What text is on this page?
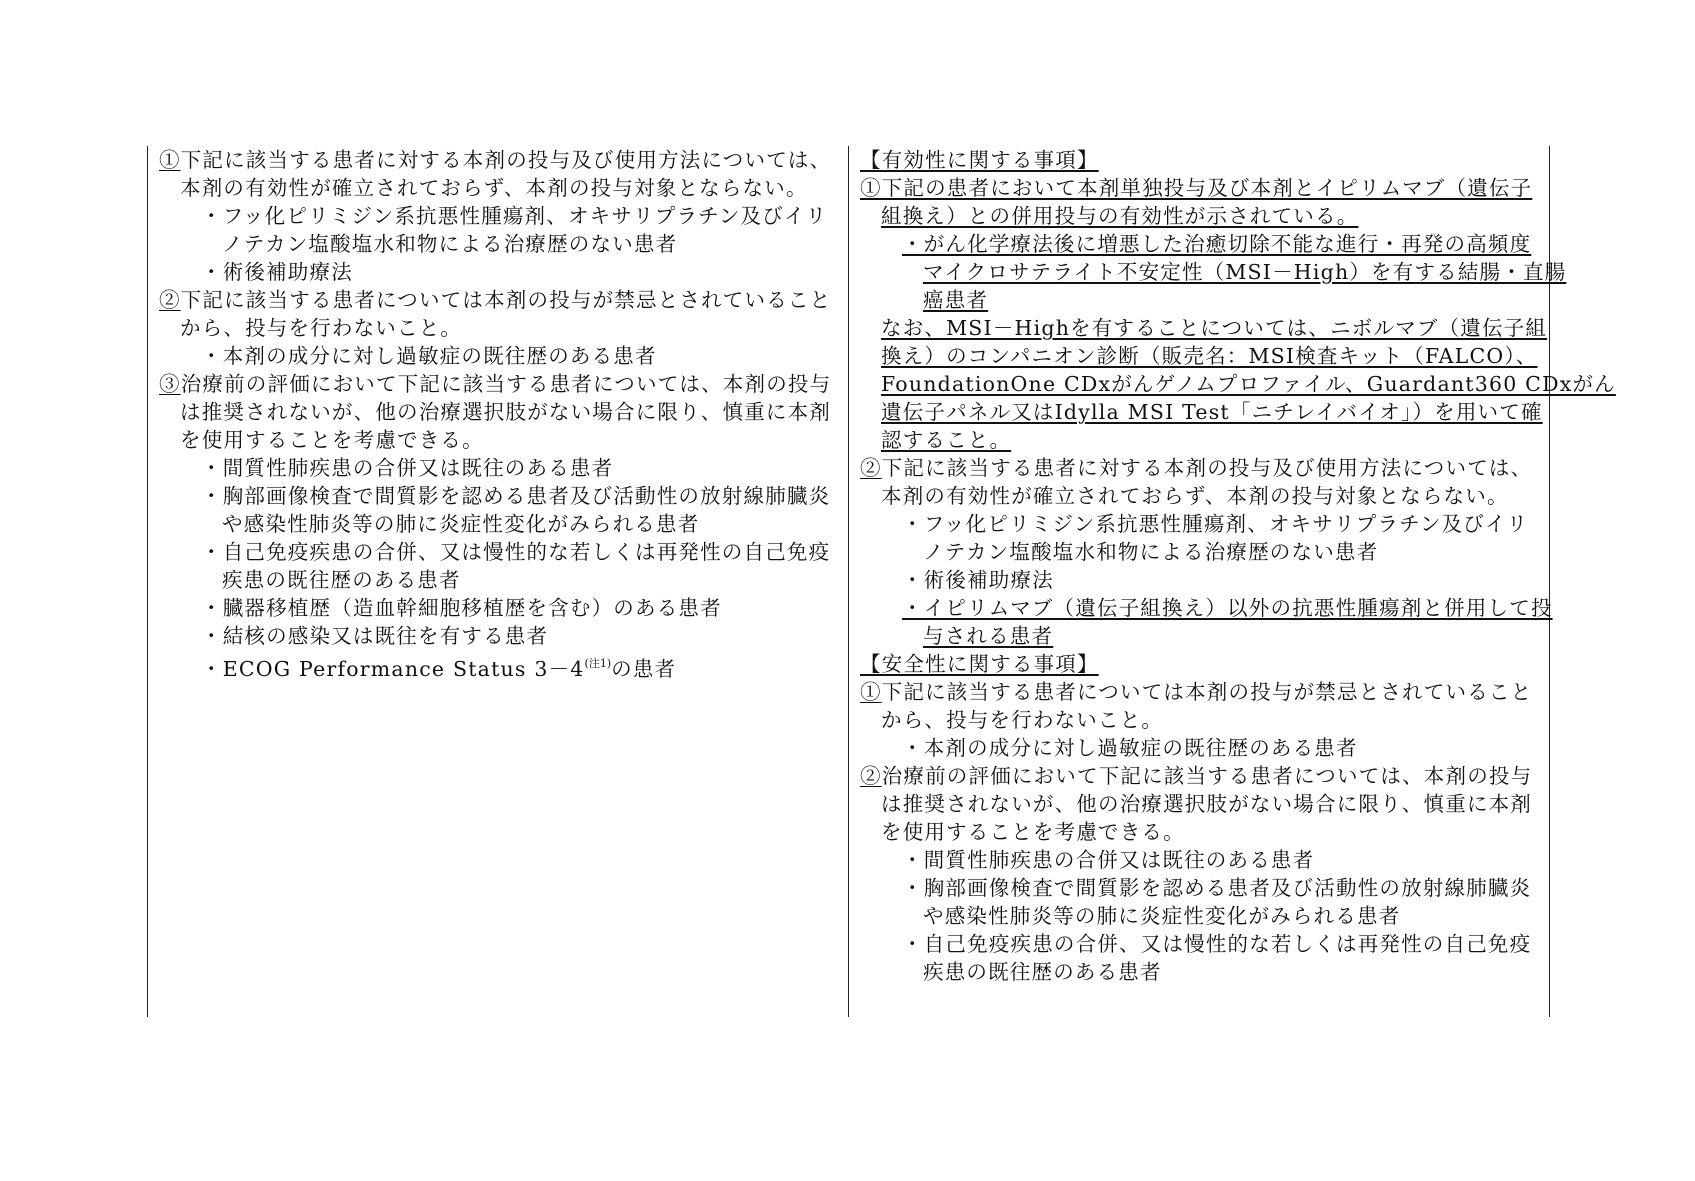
①下記に該当する患者に対する本剤の投与及び使用方法については、
本剤の有効性が確立されておらず、本剤の投与対象とならない。
・フッ化ピリミジン系抗悪性腫瘍剤、オキサリプラチン及びイリ
ノテカン塩酸塩水和物による治療歴のない患者
・術後補助療法
②下記に該当する患者については本剤の投与が禁忌とされていること
から、投与を行わないこと。
・本剤の成分に対し過敏症の既往歴のある患者
③治療前の評価において下記に該当する患者については、本剤の投与
は推奨されないが、他の治療選択肢がない場合に限り、慎重に本剤
を使用することを考慮できる。
・間質性肺疾患の合併又は既往のある患者
・胸部画像検査で間質影を認める患者及び活動性の放射線肺臓炎
や感染性肺炎等の肺に炎症性変化がみられる患者
・自己免疫疾患の合併、又は慢性的な若しくは再発性の自己免疫
疾患の既往歴のある患者
・臓器移植歴（造血幹細胞移植歴を含む）のある患者
・結核の感染又は既往を有する患者
・ECOG Performance Status $3-4^{(注1)}$の患者
【有効性に関する事項】
①下記の患者において本剤単独投与及び本剤とイピリムマブ（遺伝子
組換え）との併用投与の有効性が示されている。
・がん化学療法後に増悪した治癒切除不能な進行・再発の高頻度
マイクロサテライト不安定性（MSI－High）を有する結腸・直腸
癌患者
なお、MSI－Highを有することについては、ニボルマブ（遺伝子組
換え）のコンパニオン診断（販売名：MSI検査キット（FALCO）、
FoundationOne CDxがんゲノムプロファイル、Guardant360 CDxがん
遺伝子パネル又はIdylla MSI Test「ニチレイバイオ」）を用いて確
認すること。
②下記に該当する患者に対する本剤の投与及び使用方法については、
本剤の有効性が確立されておらず、本剤の投与対象とならない。
・フッ化ピリミジン系抗悪性腫瘍剤、オキサリプラチン及びイリ
ノテカン塩酸塩水和物による治療歴のない患者
・術後補助療法
・イピリムマブ（遺伝子組換え）以外の抗悪性腫瘍剤と併用して投
与される患者
【安全性に関する事項】
①下記に該当する患者については本剤の投与が禁忌とされていること
から、投与を行わないこと。
・本剤の成分に対し過敏症の既往歴のある患者
②治療前の評価において下記に該当する患者については、本剤の投与
は推奨されないが、他の治療選択肢がない場合に限り、慎重に本剤
を使用することを考慮できる。
・間質性肺疾患の合併又は既往のある患者
・胸部画像検査で間質影を認める患者及び活動性の放射線肺臓炎
や感染性肺炎等の肺に炎症性変化がみられる患者
・自己免疫疾患の合併、又は慢性的な若しくは再発性の自己免疫
疾患の既往歴のある患者
